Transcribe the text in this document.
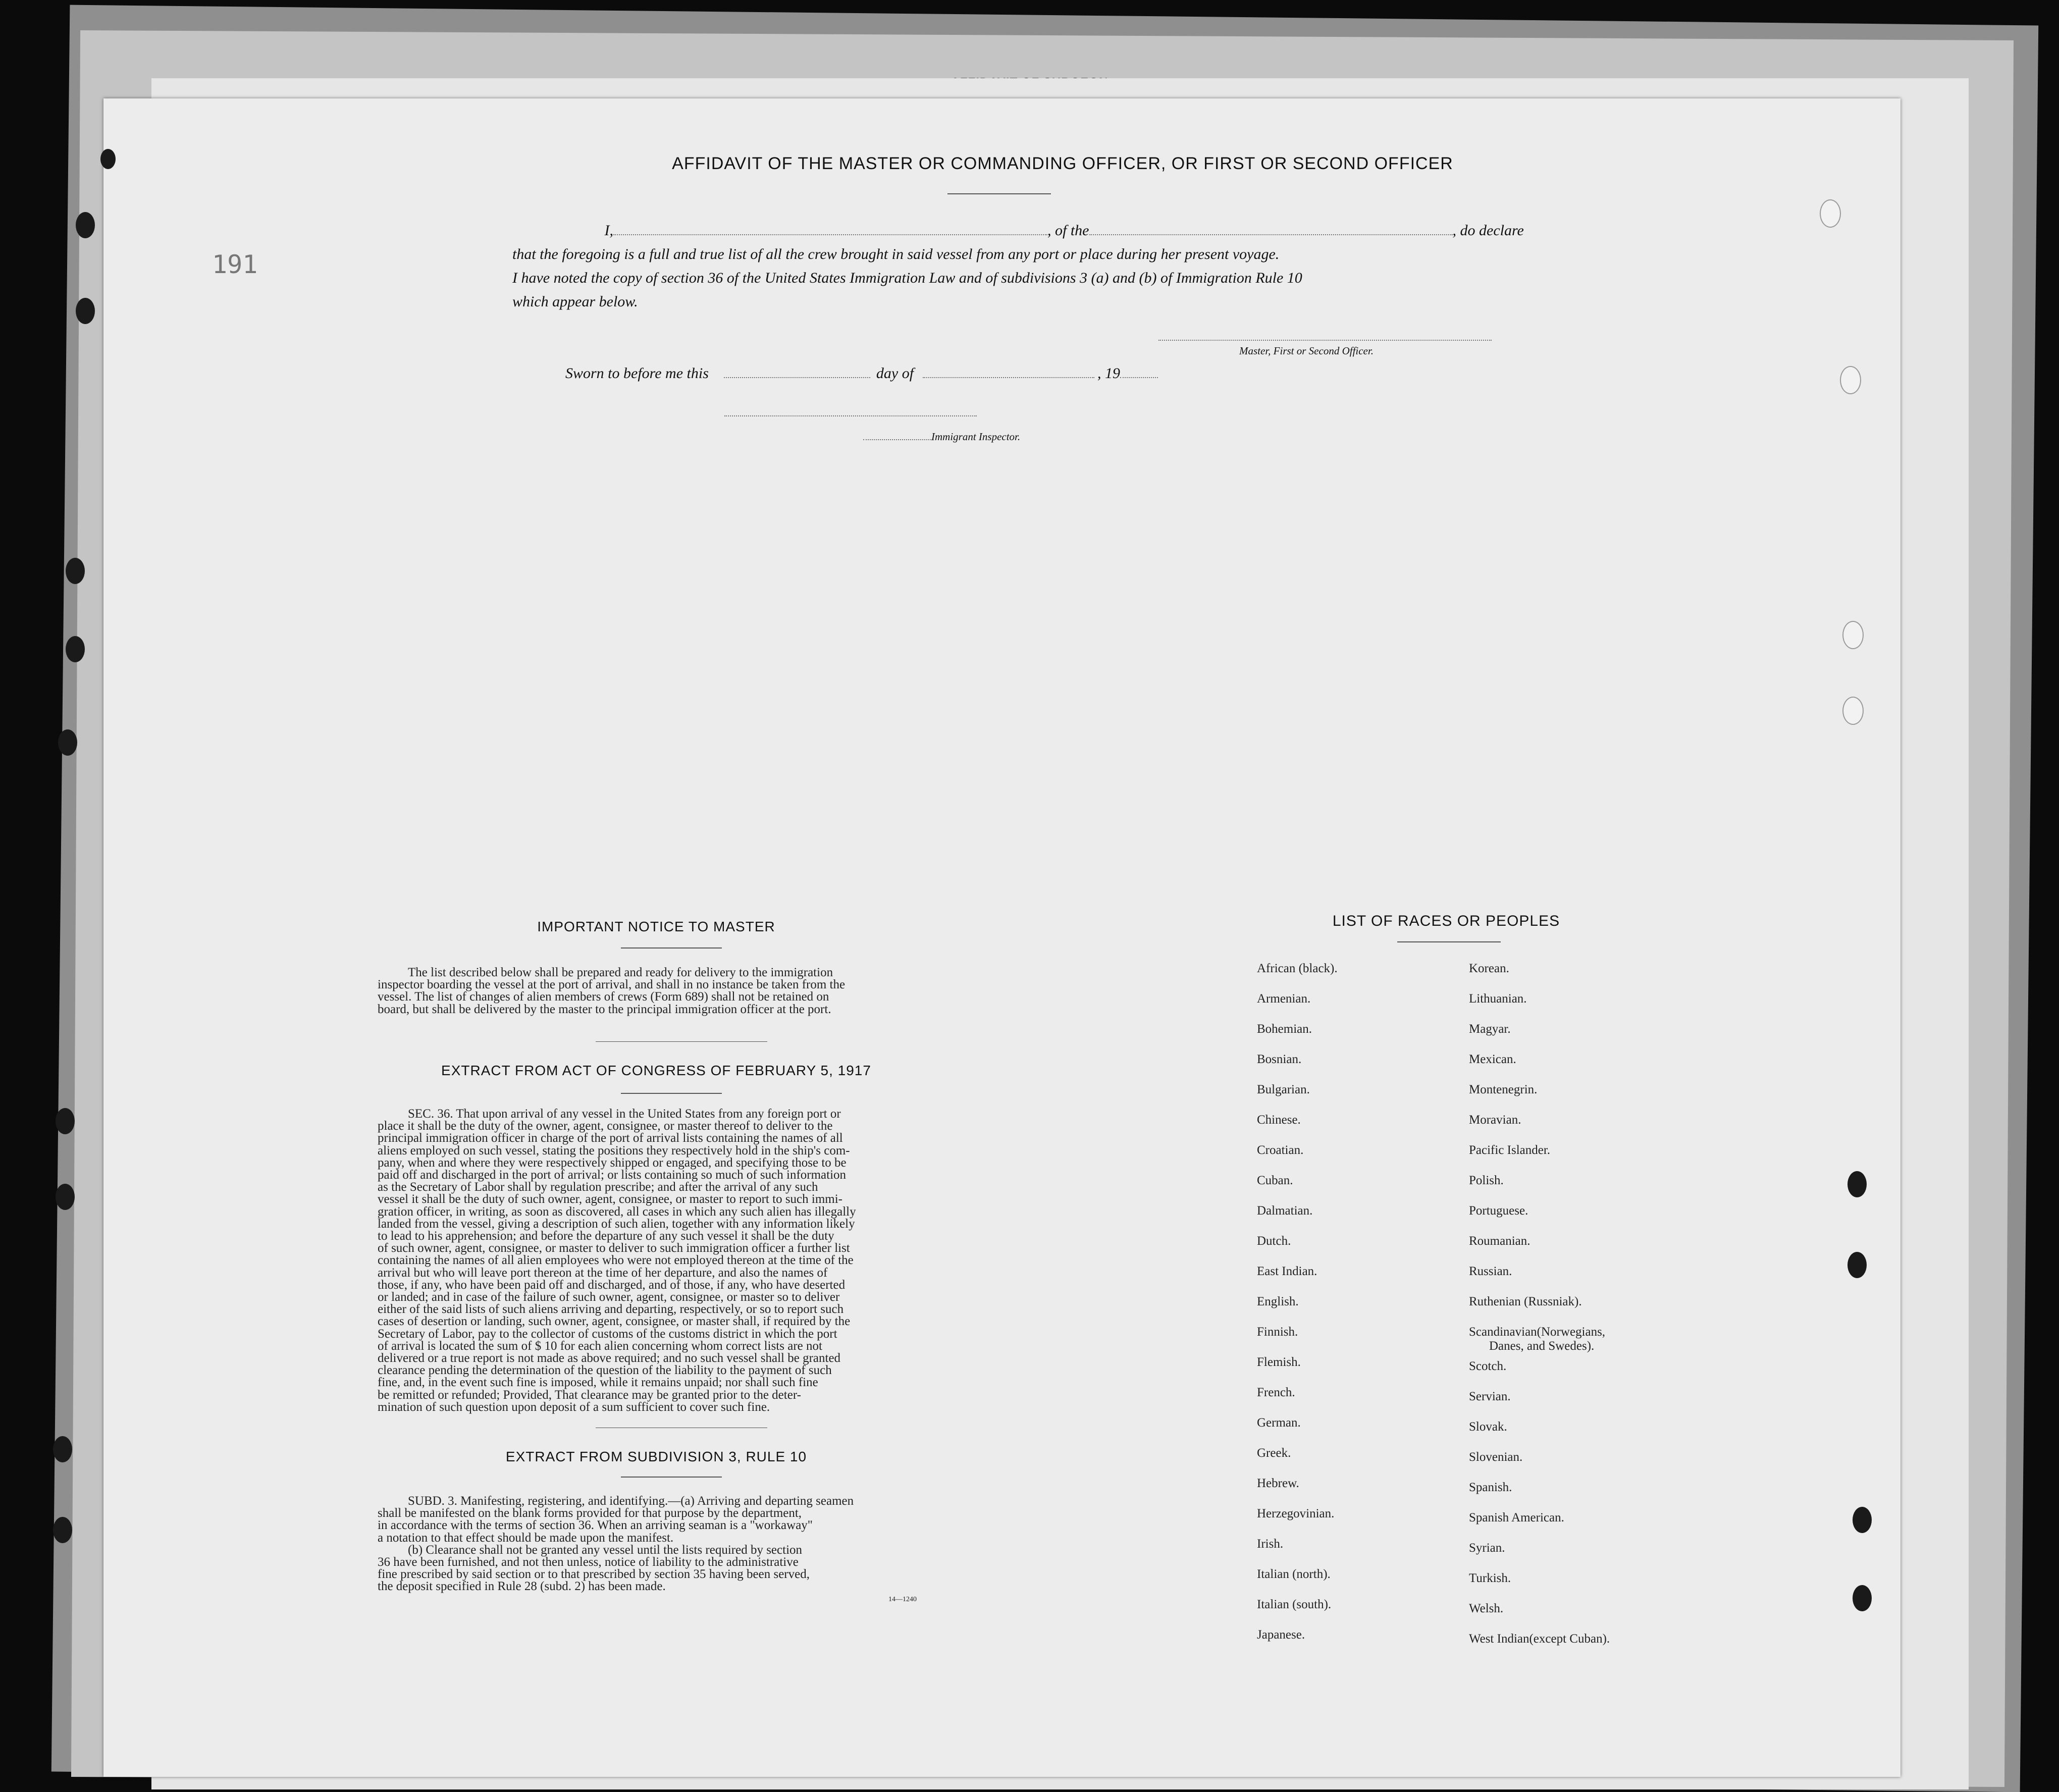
191
AFFIDAVIT OF THE MASTER OR COMMANDING OFFICER, OR FIRST OR SECOND OFFICER
I,	, of the	, do declare
that the foregoing is a full and true list of all the crew brought in said vessel from any port or place during her present voyage.
I have noted the copy of section 36 of the United States Immigration Law and of subdivisions 3 (a) and (b) of Immigration Rule 10
which appear below.
Master, First or Second Officer.
Sworn to before me this	day of	, 19
Immigrant Inspector.
IMPORTANT NOTICE TO MASTER
The list described below shall be prepared and ready for delivery to the immigration
inspector boarding the vessel at the port of arrival, and shall in no instance be taken from the
vessel. The list of changes of alien members of crews (Form 689) shall not be retained on
board, but shall be delivered by the master to the principal immigration officer at the port.
EXTRACT FROM ACT OF CONGRESS OF FEBRUARY 5, 1917
SEC. 36. That upon arrival of any vessel in the United States from any foreign port or
place it shall be the duty of the owner, agent, consignee, or master thereof to deliver to the
principal immigration officer in charge of the port of arrival lists containing the names of all
aliens employed on such vessel, stating the positions they respectively hold in the ship's com-
pany, when and where they were respectively shipped or engaged, and specifying those to be
paid off and discharged in the port of arrival; or lists containing so much of such information
as the Secretary of Labor shall by regulation prescribe; and after the arrival of any such
vessel it shall be the duty of such owner, agent, consignee, or master to report to such immi-
gration officer, in writing, as soon as discovered, all cases in which any such alien has illegally
landed from the vessel, giving a description of such alien, together with any information likely
to lead to his apprehension; and before the departure of any such vessel it shall be the duty
of such owner, agent, consignee, or master to deliver to such immigration officer a further list
containing the names of all alien employees who were not employed thereon at the time of the
arrival but who will leave port thereon at the time of her departure, and also the names of
those, if any, who have been paid off and discharged, and of those, if any, who have deserted
or landed; and in case of the failure of such owner, agent, consignee, or master so to deliver
either of the said lists of such aliens arriving and departing, respectively, or so to report such
cases of desertion or landing, such owner, agent, consignee, or master shall, if required by the
Secretary of Labor, pay to the collector of customs of the customs district in which the port
of arrival is located the sum of $ 10 for each alien concerning whom correct lists are not
delivered or a true report is not made as above required; and no such vessel shall be granted
clearance pending the determination of the question of the liability to the payment of such
fine, and, in the event such fine is imposed, while it remains unpaid; nor shall such fine
be remitted or refunded; Provided, That clearance may be granted prior to the deter-
mination of such question upon deposit of a sum sufficient to cover such fine.
EXTRACT FROM SUBDIVISION 3, RULE 10
SUBD. 3. Manifesting, registering, and identifying.—(a) Arriving and departing seamen
shall be manifested on the blank forms provided for that purpose by the department,
in accordance with the terms of section 36. When an arriving seaman is a "workaway"
a notation to that effect should be made upon the manifest.
(b) Clearance shall not be granted any vessel until the lists required by section
36 have been furnished, and not then unless, notice of liability to the administrative
fine prescribed by said section or to that prescribed by section 35 having been served,
the deposit specified in Rule 28 (subd. 2) has been made.
14—1240
LIST OF RACES OR PEOPLES
African (black).
Armenian.
Bohemian.
Bosnian.
Bulgarian.
Chinese.
Croatian.
Cuban.
Dalmatian.
Dutch.
East Indian.
English.
Finnish.
Flemish.
French.
German.
Greek.
Hebrew.
Herzegovinian.
Irish.
Italian (north).
Italian (south).
Japanese.
Korean.
Lithuanian.
Magyar.
Mexican.
Montenegrin.
Moravian.
Pacific Islander.
Polish.
Portuguese.
Roumanian.
Russian.
Ruthenian (Russniak).
Scandinavian(Norwegians,
Scotch.
Servian.
Slovak.
Slovenian.
Spanish.
Spanish American.
Syrian.
Turkish.
Welsh.
West Indian(except Cuban).
Danes, and Swedes).
